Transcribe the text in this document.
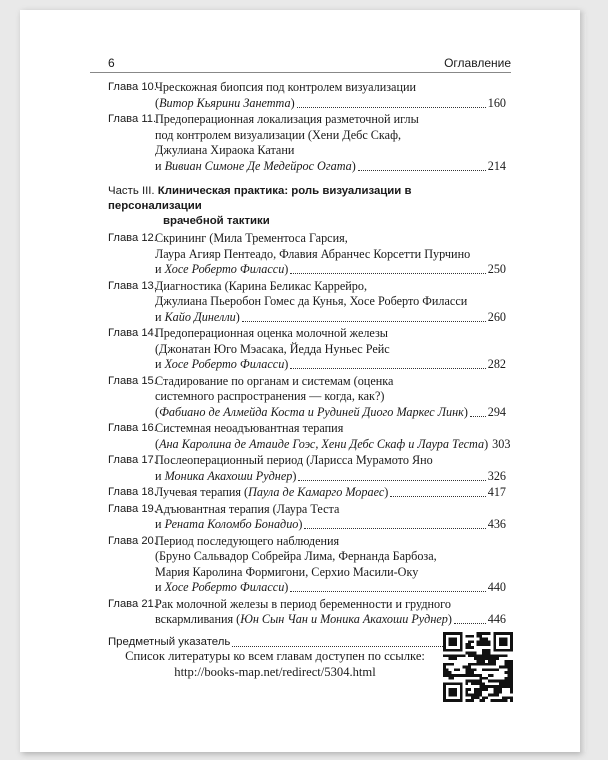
6	Оглавление
Глава 10.
Чрескожная биопсия под контролем визуализации
(Витор Кьярини Занетта)	160
Глава 11.
Предоперационная локализация разметочной иглы
под контролем визуализации (Хени Дебс Скаф,
Джулиана Хираока Катани
и Вивиан Симоне Де Медейрос Огата)	214
Часть III. Клиническая практика: роль визуализации в персонализации
врачебной тактики
Глава 12.
Скрининг (Мила Трементоса Гарсия,
Лаура Агияр Пентеадо, Флавия Абранчес Корсетти Пурчино
и Хосе Роберто Филасси)	250
Глава 13.
Диагностика (Карина Беликас Каррейро,
Джулиана Пьеробон Гомес да Кунья, Хосе Роберто Филасси
и Кайо Динелли)	260
Глава 14.
Предоперационная оценка молочной железы
(Джонатан Юго Мэасака, Йедда Нуньес Рейс
и Хосе Роберто Филасси)	282
Глава 15.
Стадирование по органам и системам (оценка
системного распространения — когда, как?)
(Фабиано де Алмейда Коста и Рудиней Диого Маркес Линк) 294
Глава 16.
Системная неоадъювантная терапия
(Ана Каролина де Атаиде Гоэс, Хени Дебс Скаф и Лаура Теста) 303
Глава 17.
Послеоперационный период (Ларисса Мурамото Яно
и Моника Акахоши Руднер)	326
Глава 18.
Лучевая терапия (Паула де Камарго Мораес)	417
Глава 19.
Адъювантная терапия (Лаура Теста
и Рената Коломбо Бонадио)	436
Глава 20.
Период последующего наблюдения
(Бруно Сальвадор Собрейра Лима, Фернанда Барбоза,
Мария Каролина Формигони, Серхио Масили-Оку
и Хосе Роберто Филасси)	440
Глава 21.
Рак молочной железы в период беременности и грудного
вскармливания (Юн Сын Чан и Моника Акахоши Руднер)	446
Предметный указатель
Список литературы ко всем главам доступен по ссылке:
http://books-map.net/redirect/5304.html
